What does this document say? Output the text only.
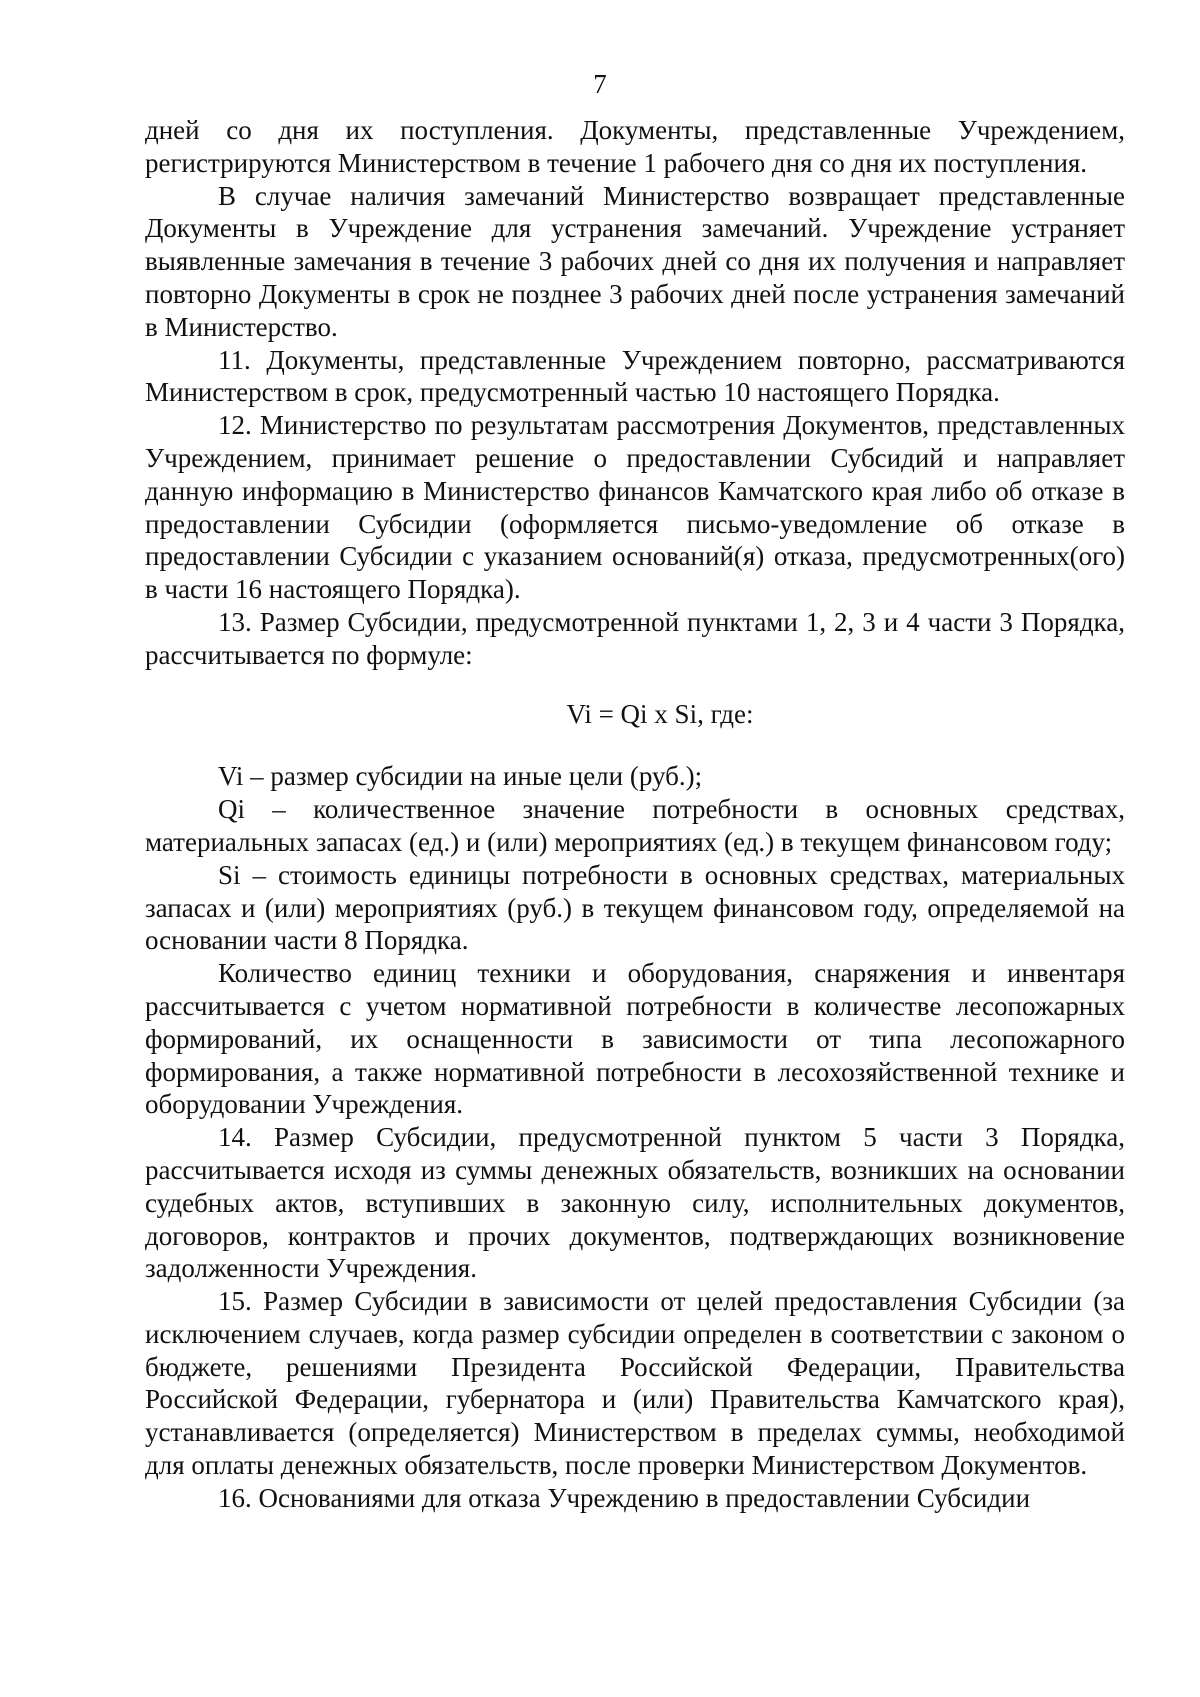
7

дней со дня их поступления. Документы, представленные Учреждением, регистрируются Министерством в течение 1 рабочего дня со дня их поступления.

В случае наличия замечаний Министерство возвращает представленные Документы в Учреждение для устранения замечаний. Учреждение устраняет выявленные замечания в течение 3 рабочих дней со дня их получения и направляет повторно Документы в срок не позднее 3 рабочих дней после устранения замечаний в Министерство.

11. Документы, представленные Учреждением повторно, рассматриваются Министерством в срок, предусмотренный частью 10 настоящего Порядка.

12. Министерство по результатам рассмотрения Документов, представленных Учреждением, принимает решение о предоставлении Субсидий и направляет данную информацию в Министерство финансов Камчатского края либо об отказе в предоставлении Субсидии (оформляется письмо-уведомление об отказе в предоставлении Субсидии с указанием оснований(я) отказа, предусмотренных(ого) в части 16 настоящего Порядка).

13. Размер Субсидии, предусмотренной пунктами 1, 2, 3 и 4 части 3 Порядка, рассчитывается по формуле:

Vi = Qi x Si, где:

Vi – размер субсидии на иные цели (руб.);

Qi – количественное значение потребности в основных средствах, материальных запасах (ед.) и (или) мероприятиях (ед.) в текущем финансовом году;

Si – стоимость единицы потребности в основных средствах, материальных запасах и (или) мероприятиях (руб.) в текущем финансовом году, определяемой на основании части 8 Порядка.

Количество единиц техники и оборудования, снаряжения и инвентаря рассчитывается с учетом нормативной потребности в количестве лесопожарных формирований, их оснащенности в зависимости от типа лесопожарного формирования, а также нормативной потребности в лесохозяйственной технике и оборудовании Учреждения.

14. Размер Субсидии, предусмотренной пунктом 5 части 3 Порядка, рассчитывается исходя из суммы денежных обязательств, возникших на основании судебных актов, вступивших в законную силу, исполнительных документов, договоров, контрактов и прочих документов, подтверждающих возникновение задолженности Учреждения.

15. Размер Субсидии в зависимости от целей предоставления Субсидии (за исключением случаев, когда размер субсидии определен в соответствии с законом о бюджете, решениями Президента Российской Федерации, Правительства Российской Федерации, губернатора и (или) Правительства Камчатского края), устанавливается (определяется) Министерством в пределах суммы, необходимой для оплаты денежных обязательств, после проверки Министерством Документов.

16. Основаниями для отказа Учреждению в предоставлении Субсидии
